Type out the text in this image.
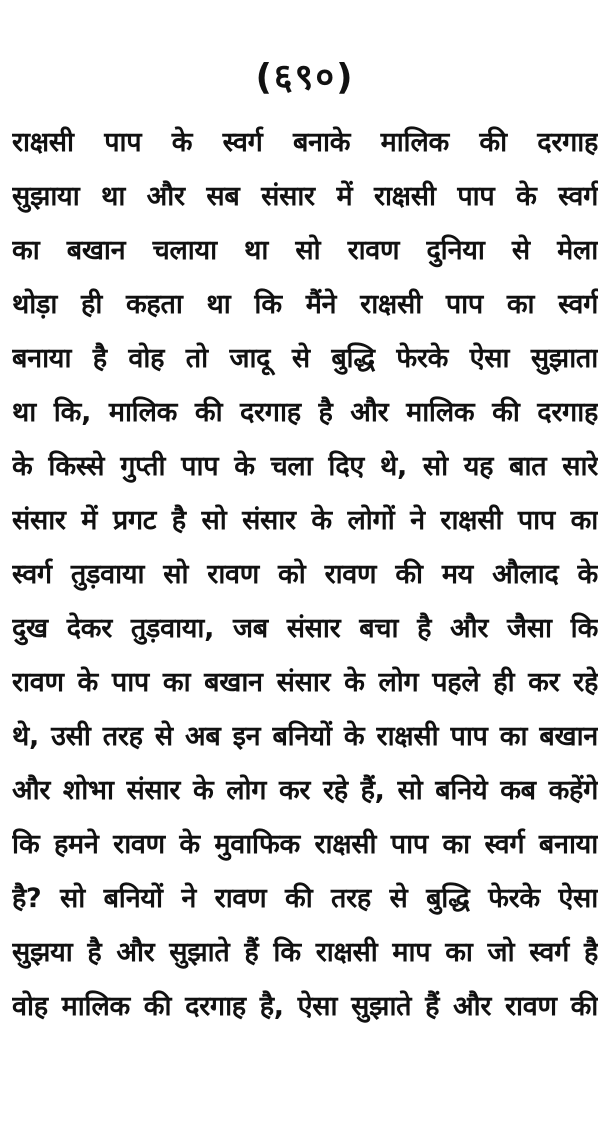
(६९०)
राक्षसी पाप के स्वर्ग बनाके मालिक की दरगाह
सुझाया था और सब संसार में राक्षसी पाप के स्वर्ग
का बखान चलाया था सो रावण दुनिया से मेला
थोड़ा ही कहता था कि मैंने राक्षसी पाप का स्वर्ग
बनाया है वोह तो जादू से बुद्धि फेरके ऐसा सुझाता
था कि, मालिक की दरगाह है और मालिक की दरगाह
के किस्से गुप्ती पाप के चला दिए थे, सो यह बात सारे
संसार में प्रगट है सो संसार के लोगों ने राक्षसी पाप का
स्वर्ग तुड़वाया सो रावण को रावण की मय औलाद के
दुख देकर तुड़वाया, जब संसार बचा है और जैसा कि
रावण के पाप का बखान संसार के लोग पहले ही कर रहे
थे, उसी तरह से अब इन बनियों के राक्षसी पाप का बखान
और शोभा संसार के लोग कर रहे हैं, सो बनिये कब कहेंगे
कि हमने रावण के मुवाफिक राक्षसी पाप का स्वर्ग बनाया
है? सो बनियों ने रावण की तरह से बुद्धि फेरके ऐसा
सुझया है और सुझाते हैं कि राक्षसी माप का जो स्वर्ग है
वोह मालिक की दरगाह है, ऐसा सुझाते हैं और रावण की
